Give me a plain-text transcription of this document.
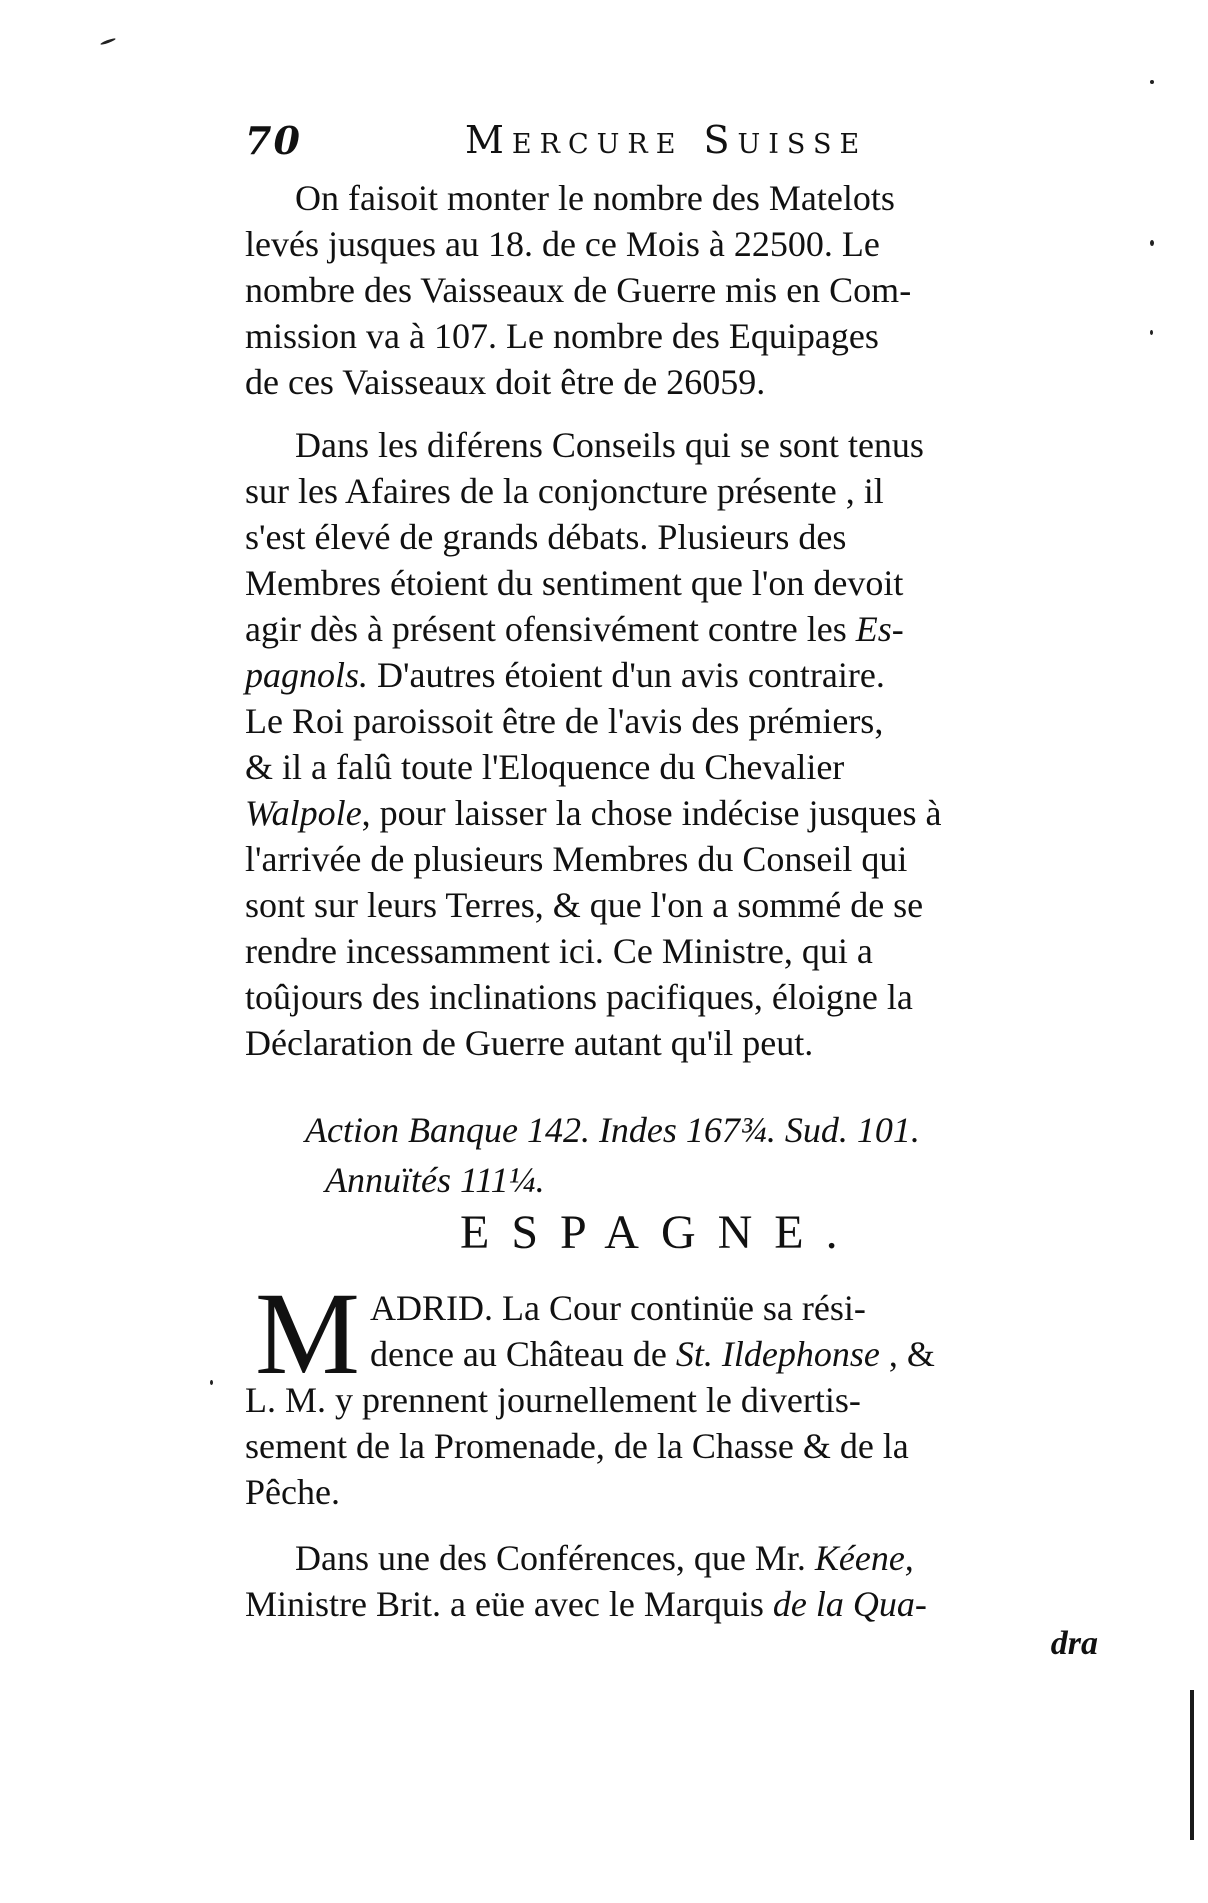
70	Mercure Suisse
On faisoit monter le nombre des Matelots
levés jusques au 18. de ce Mois à 22500. Le
nombre des Vaisseaux de Guerre mis en Com-
mission va à 107. Le nombre des Equipages
de ces Vaisseaux doit être de 26059.
Dans les diférens Conseils qui se sont tenus
sur les Afaires de la conjoncture présente , il
s'est élevé de grands débats. Plusieurs des
Membres étoient du sentiment que l'on devoit
agir dès à présent ofensivément contre les Es-
pagnols. D'autres étoient d'un avis contraire.
Le Roi paroissoit être de l'avis des prémiers,
& il a falû toute l'Eloquence du Chevalier
Walpole, pour laisser la chose indécise jusques à
l'arrivée de plusieurs Membres du Conseil qui
sont sur leurs Terres, & que l'on a sommé de se
rendre incessamment ici. Ce Ministre, qui a
toûjours des inclinations pacifiques, éloigne la
Déclaration de Guerre autant qu'il peut.
Action Banque 142. Indes 167¾. Sud. 101.
Annuïtés 111¼.
ESPAGNE.
M ADRID. La Cour continüe sa rési-
dence au Château de St. Ildephonse , &
L. M. y prennent journellement le divertis-
sement de la Promenade, de la Chasse & de la
Pêche.
Dans une des Conférences, que Mr. Kéene,
Ministre Brit. a eüe avec le Marquis de la Qua-
dra
